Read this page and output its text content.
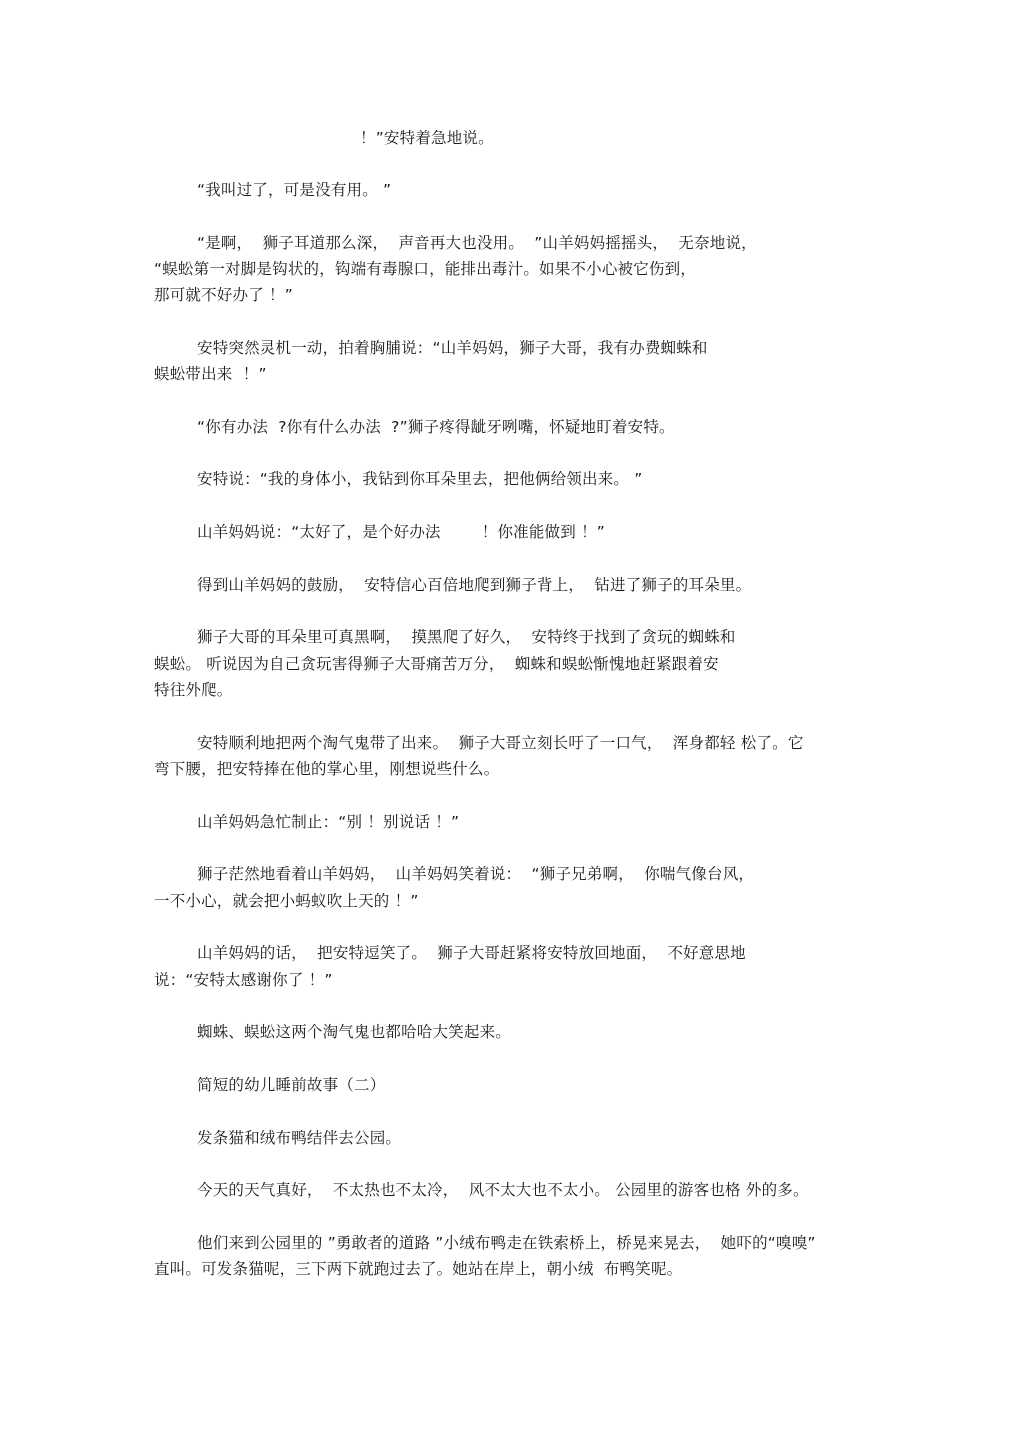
！”安特着急地说。
“我叫过了，可是没有用。 ”
“是啊，  狮子耳道那么深，  声音再大也没用。  ”山羊妈妈摇摇头，  无奈地说，
“蜈蚣第一对脚是钩状的，钩端有毒腺口，能排出毒汁。如果不小心被它伤到，
那可就不好办了 ！”
安特突然灵机一动，拍着胸脯说：“山羊妈妈，狮子大哥，我有办费蜘蛛和
蜈蚣带出来  ！”
“你有办法  ?你有什么办法  ?”狮子疼得龇牙咧嘴，怀疑地盯着安特。
安特说：“我的身体小，我钻到你耳朵里去，把他俩给领出来。 ”
山羊妈妈说：“太好了，是个好办法        ！你准能做到 ！”
得到山羊妈妈的鼓励，  安特信心百倍地爬到狮子背上，  钻进了狮子的耳朵里。
狮子大哥的耳朵里可真黑啊，  摸黑爬了好久，  安特终于找到了贪玩的蜘蛛和
蜈蚣。 听说因为自己贪玩害得狮子大哥痛苦万分，  蜘蛛和蜈蚣惭愧地赶紧跟着安
特往外爬。
安特顺利地把两个淘气鬼带了出来。  狮子大哥立刻长吁了一口气，  浑身都轻 松了。它
弯下腰，把安特捧在他的掌心里，刚想说些什么。
山羊妈妈急忙制止：“别 ！别说话 ！”
狮子茫然地看着山羊妈妈，  山羊妈妈笑着说：  “狮子兄弟啊，  你喘气像台风，
一不小心，就会把小蚂蚁吹上天的 ！”
山羊妈妈的话，  把安特逗笑了。  狮子大哥赶紧将安特放回地面，  不好意思地
说：“安特太感谢你了 ！”
蜘蛛、蜈蚣这两个淘气鬼也都哈哈大笑起来。
简短的幼儿睡前故事（二）
发条猫和绒布鸭结伴去公园。
今天的天气真好，  不太热也不太冷，  风不太大也不太小。 公园里的游客也格 外的多。
他们来到公园里的 ”勇敢者的道路 ”小绒布鸭走在铁索桥上，桥晃来晃去，  她吓的“嗅嗅”
直叫。可发条猫呢，三下两下就跑过去了。她站在岸上，朝小绒  布鸭笑呢。
